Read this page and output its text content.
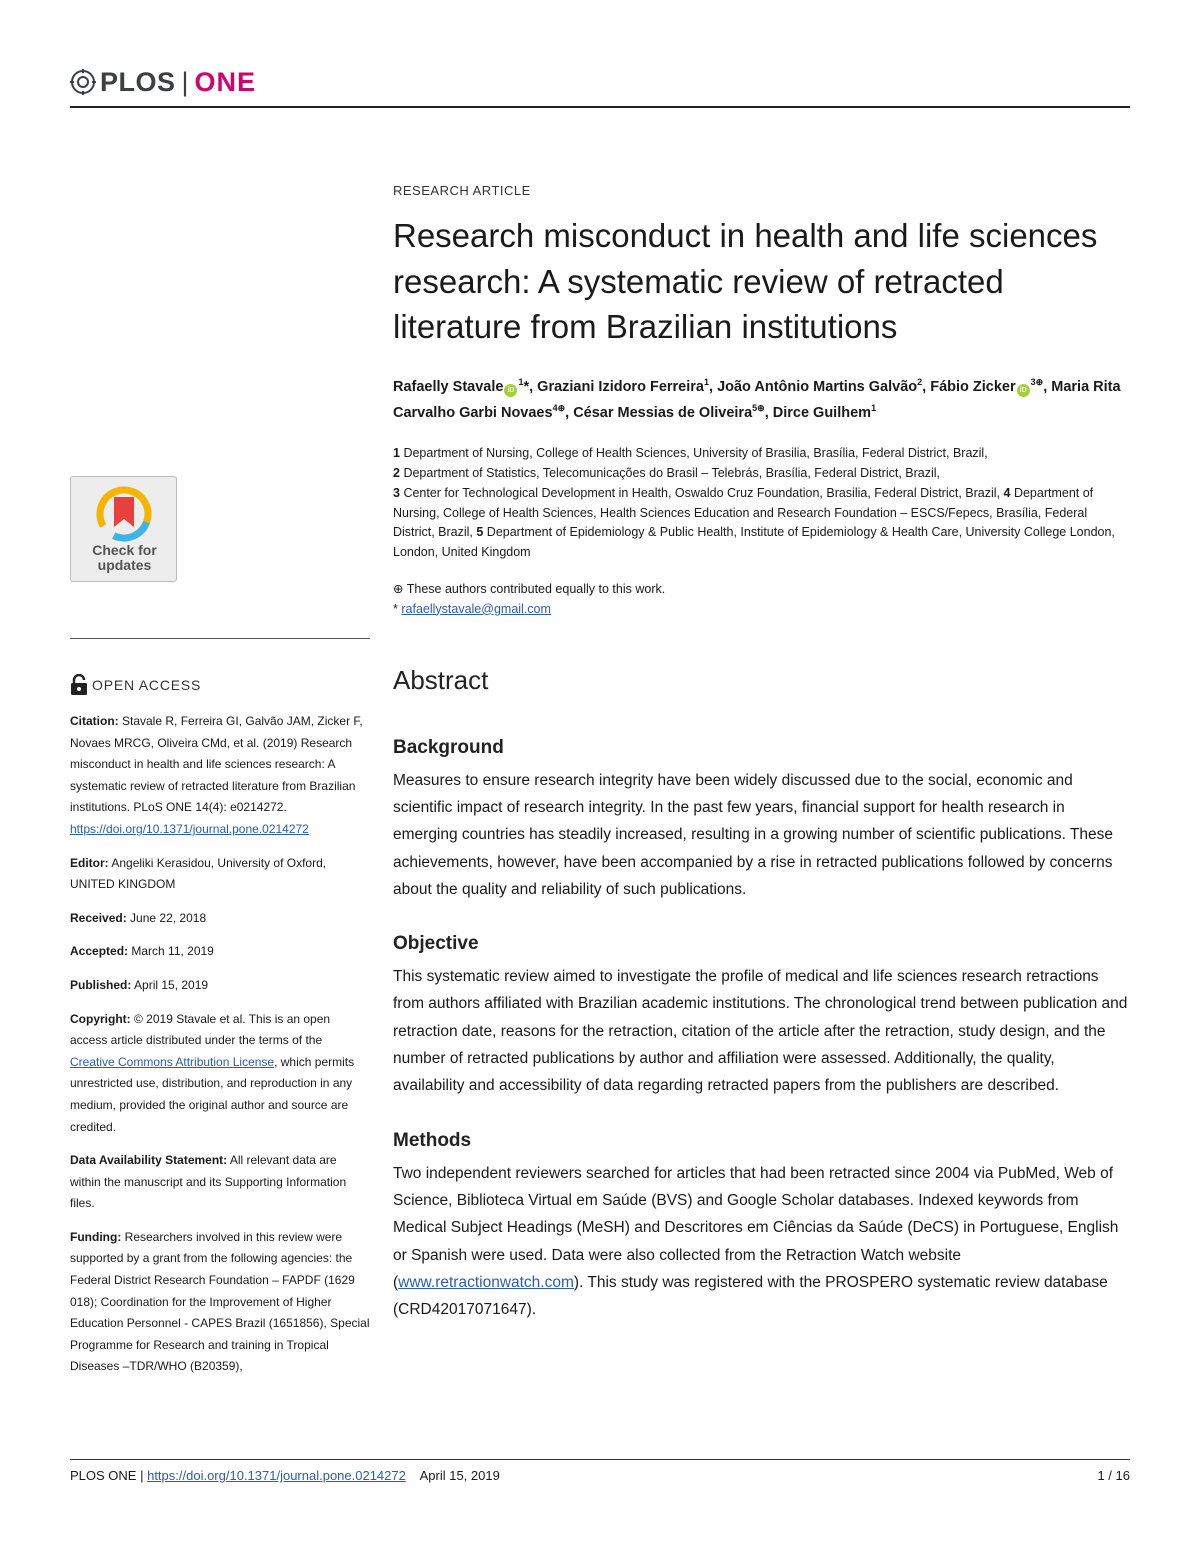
PLOS | ONE
Check for
updates
OPEN ACCESS

Citation: Stavale R, Ferreira GI, Galvão JAM, Zicker F, Novaes MRCG, Oliveira CMd, et al. (2019) Research misconduct in health and life sciences research: A systematic review of retracted literature from Brazilian institutions. PLoS ONE 14(4): e0214272. https://doi.org/10.1371/journal.pone.0214272

Editor: Angeliki Kerasidou, University of Oxford, UNITED KINGDOM

Received: June 22, 2018

Accepted: March 11, 2019

Published: April 15, 2019

Copyright: © 2019 Stavale et al. This is an open access article distributed under the terms of the Creative Commons Attribution License, which permits unrestricted use, distribution, and reproduction in any medium, provided the original author and source are credited.

Data Availability Statement: All relevant data are within the manuscript and its Supporting Information files.

Funding: Researchers involved in this review were supported by a grant from the following agencies: the Federal District Research Foundation – FAPDF (1629 018); Coordination for the Improvement of Higher Education Personnel - CAPES Brazil (1651856), Special Programme for Research and training in Tropical Diseases –TDR/WHO (B20359),

RESEARCH ARTICLE

Research misconduct in health and life sciences research: A systematic review of retracted literature from Brazilian institutions
Rafaelly Stavale $iD^1*$, Graziani Izidoro Ferreira$^1$, João Antônio Martins Galvão$^2$, Fábio Zicker $iD^{3\oplus}$, Maria Rita Carvalho Garbi Novaes$^{4\oplus}$, César Messias de Oliveira$^{5\oplus}$, Dirce Guilhem$^1$
1 Department of Nursing, College of Health Sciences, University of Brasilia, Brasília, Federal District, Brazil,
2 Department of Statistics, Telecomunicações do Brasil – Telebrás, Brasília, Federal District, Brazil,
3 Center for Technological Development in Health, Oswaldo Cruz Foundation, Brasilia, Federal District, Brazil, 4 Department of Nursing, College of Health Sciences, Health Sciences Education and Research Foundation – ESCS/Fepecs, Brasília, Federal District, Brazil, 5 Department of Epidemiology & Public Health, Institute of Epidemiology & Health Care, University College London, London, United Kingdom
⊕ These authors contributed equally to this work.
* rafaellystavale@gmail.com
Abstract
Background

Measures to ensure research integrity have been widely discussed due to the social, economic and scientific impact of research integrity. In the past few years, financial support for health research in emerging countries has steadily increased, resulting in a growing number of scientific publications. These achievements, however, have been accompanied by a rise in retracted publications followed by concerns about the quality and reliability of such publications.

Objective

This systematic review aimed to investigate the profile of medical and life sciences research retractions from authors affiliated with Brazilian academic institutions. The chronological trend between publication and retraction date, reasons for the retraction, citation of the article after the retraction, study design, and the number of retracted publications by author and affiliation were assessed. Additionally, the quality, availability and accessibility of data regarding retracted papers from the publishers are described.

Methods

Two independent reviewers searched for articles that had been retracted since 2004 via PubMed, Web of Science, Biblioteca Virtual em Saúde (BVS) and Google Scholar databases. Indexed keywords from Medical Subject Headings (MeSH) and Descritores em Ciências da Saúde (DeCS) in Portuguese, English or Spanish were used. Data were also collected from the Retraction Watch website (www.retractionwatch.com). This study was registered with the PROSPERO systematic review database (CRD42017071647).

PLOS ONE | https://doi.org/10.1371/journal.pone.0214272 April 15, 2019	1 / 16
